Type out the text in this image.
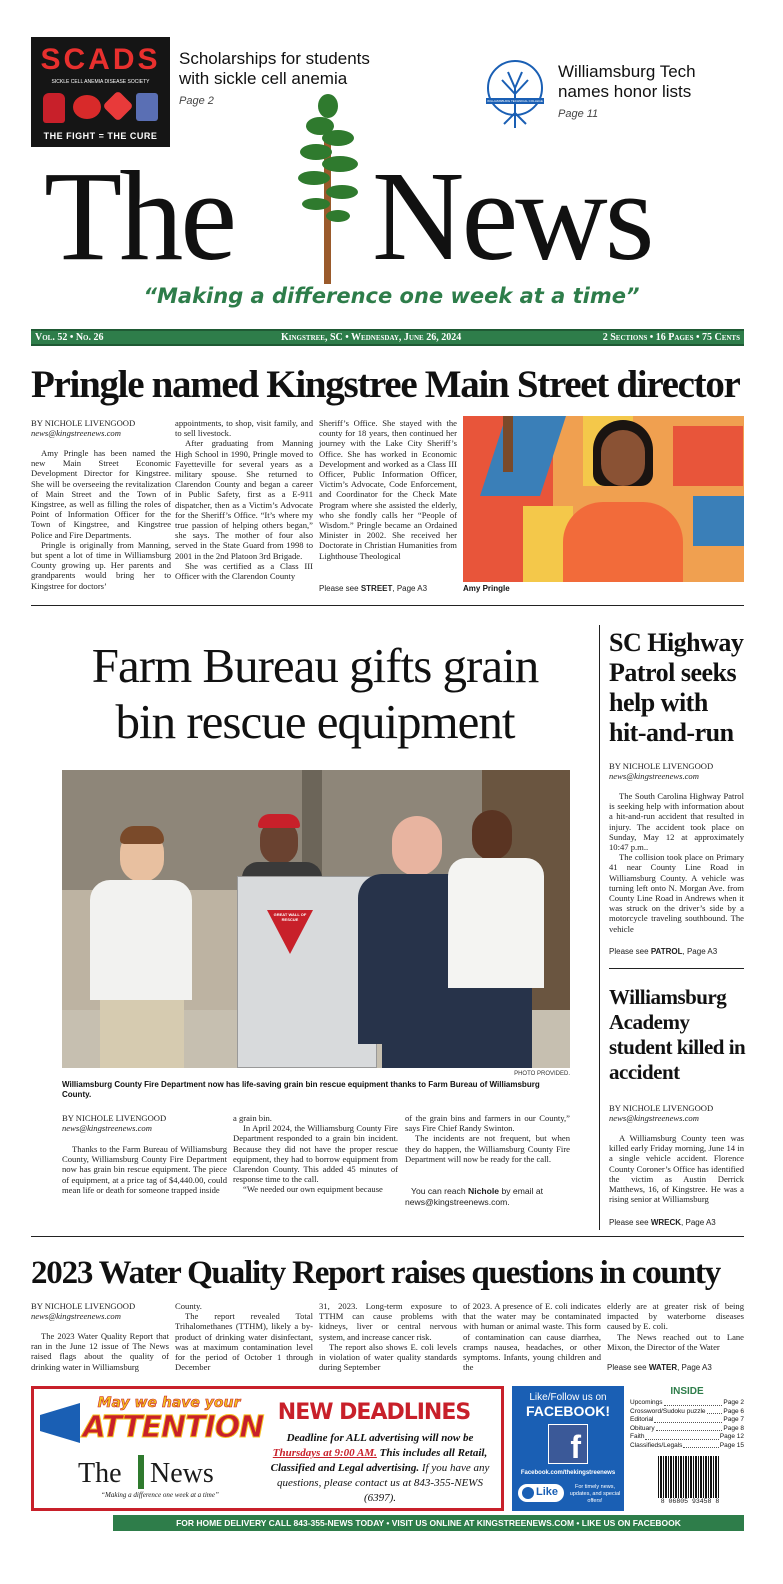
SCADS
SICKLE CELL ANEMIA DISEASE SOCIETY
THE FIGHT = THE CURE
Scholarships for students with sickle cell anemia
Page 2	WILLIAMSBURG TECHNICAL COLLEGE
Williamsburg Tech names honor lists
Page 11
The News
“Making a difference one week at a time”
Vol. 52 • No. 26	Kingstree, SC • Wednesday, June 26, 2024	2 Sections • 16 Pages • 75 Cents
Pringle named Kingstree Main Street director
BY NICHOLE LIVENGOOD
news@kingstreenews.com

Amy Pringle has been named the new Main Street Economic Development Director for Kingstree. She will be overseeing the revitalization of Main Street and the Town of Kingstree, as well as filling the roles of Point of Information Officer for the Town of Kingstree, and Kingstree Police and Fire Departments.

Pringle is originally from Manning, but spent a lot of time in Williamsburg County growing up. Her parents and grandparents would bring her to Kingstree for doctors’

appointments, to shop, visit family, and to sell livestock.

After graduating from Manning High School in 1990, Pringle moved to Fayetteville for several years as a military spouse. She returned to Clarendon County and began a career in Public Safety, first as a E-911 dispatcher, then as a Victim’s Advocate for the Sheriff’s Office. “It’s where my true passion of helping others began,” she says. The mother of four also served in the State Guard from 1998 to 2001 in the 2nd Platoon 3rd Brigade.

She was certified as a Class III Officer with the Clarendon County

Sheriff’s Office. She stayed with the county for 18 years, then continued her journey with the Lake City Sheriff’s Office. She has worked in Economic Development and worked as a Class III Officer, Public Information Officer, Victim’s Advocate, Code Enforcement, and Coordinator for the Check Mate Program where she assisted the elderly, who she fondly calls her “People of Wisdom.” Pringle became an Ordained Minister in 2002. She received her Doctorate in Christian Humanities from Lighthouse Theological

Please see STREET, Page A3	Amy Pringle
Farm Bureau gifts grain
bin rescue equipment
GREAT WALL OF RESCUE
PHOTO PROVIDED.
Williamsburg County Fire Department now has life-saving grain bin rescue equipment thanks to Farm Bureau of Williamsburg County.
BY NICHOLE LIVENGOOD
news@kingstreenews.com

Thanks to the Farm Bureau of Williamsburg County, Williamsburg County Fire Department now has grain bin rescue equipment. The piece of equipment, at a price tag of $4,440.00, could mean life or death for someone trapped inside

a grain bin.

In April 2024, the Williamsburg County Fire Department responded to a grain bin incident. Because they did not have the proper rescue equipment, they had to borrow equipment from Clarendon County. This added 45 minutes of response time to the call.

“We needed our own equipment because

of the grain bins and farmers in our County,” says Fire Chief Randy Swinton.

The incidents are not frequent, but when they do happen, the Williamsburg County Fire Department will now be ready for the call.

You can reach Nichole by email at
news@kingstreenews.com.
SC Highway Patrol seeks help with hit-and-run
BY NICHOLE LIVENGOOD
news@kingstreenews.com

The South Carolina Highway Patrol is seeking help with information about a hit-and-run accident that resulted in injury. The accident took place on Sunday, May 12 at approximately 10:47 p.m..

The collision took place on Primary 41 near County Line Road in Williamsburg County. A vehicle was turning left onto N. Morgan Ave. from County Line Road in Andrews when it was struck on the driver’s side by a motorcycle traveling southbound. The vehicle

Please see PATROL, Page A3
Williamsburg Academy student killed in accident
BY NICHOLE LIVENGOOD
news@kingstreenews.com

A Williamsburg County teen was killed early Friday morning, June 14 in a single vehicle accident. Florence County Coroner’s Office has identified the victim as Austin Derrick Matthews, 16, of Kingstree. He was a rising senior at Williamsburg

Please see WRECK, Page A3
2023 Water Quality Report raises questions in county
BY NICHOLE LIVENGOOD
news@kingstreenews.com

The 2023 Water Quality Report that ran in the June 12 issue of The News raised flags about the quality of drinking water in Williamsburg

County.

The report revealed Total Trihalomethanes (TTHM), likely a by-product of drinking water disinfectant, was at maximum contamination level for the period of October 1 through December

31, 2023. Long-term exposure to TTHM can cause problems with kidneys, liver or central nervous system, and increase cancer risk.

The report also shows E. coli levels in violation of water quality standards during September

of 2023. A presence of E. coli indicates that the water may be contaminated with human or animal waste. This form of contamination can cause diarrhea, cramps nausea, headaches, or other symptoms. Infants, young children and the

elderly are at greater risk of being impacted by waterborne diseases caused by E. coli.

The News reached out to Lane Mixon, the Director of the Water

Please see WATER, Page A3
May we have your
ATTENTION
The News
“Making a difference one week at a time”
NEW DEADLINES
Deadline for ALL advertising will now be
Thursdays at 9:00 AM. This includes all Retail, Classified and Legal advertising. If you have any questions, please contact us at 843-355-NEWS (6397).
Like/Follow us on
FACEBOOK!
f
Facebook.com/thekingstreenews
Like	For timely news, updates, and special offers!
INSIDE
Upcomings	Page 2
Crossword/Sudoku puzzle	Page 6
Editorial	Page 7
Obituary	Page 8
Faith	Page 12
Classifieds/Legals	Page 15
8 06805 93458 8
FOR HOME DELIVERY CALL 843-355-NEWS TODAY • VISIT US ONLINE AT KINGSTREENEWS.COM • LIKE US ON FACEBOOK
